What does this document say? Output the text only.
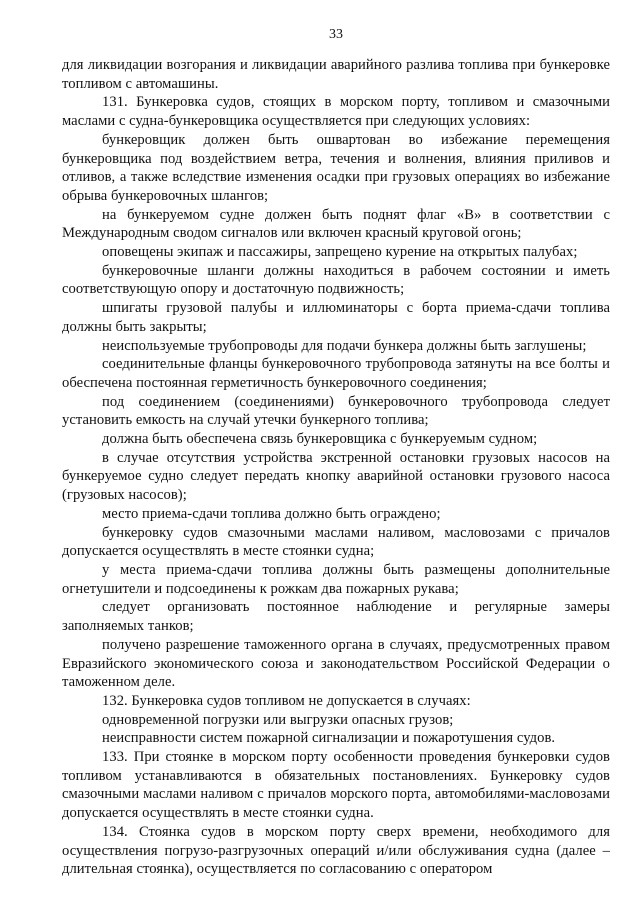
33

для ликвидации возгорания и ликвидации аварийного разлива топлива при бункеровке топливом с автомашины.

131. Бункеровка судов, стоящих в морском порту, топливом и смазочными маслами с судна-бункеровщика осуществляется при следующих условиях:

бункеровщик должен быть ошвартован во избежание перемещения бункеровщика под воздействием ветра, течения и волнения, влияния приливов и отливов, а также вследствие изменения осадки при грузовых операциях во избежание обрыва бункеровочных шлангов;

на бункеруемом судне должен быть поднят флаг «B» в соответствии с Международным сводом сигналов или включен красный круговой огонь;

оповещены экипаж и пассажиры, запрещено курение на открытых палубах;

бункеровочные шланги должны находиться в рабочем состоянии и иметь соответствующую опору и достаточную подвижность;

шпигаты грузовой палубы и иллюминаторы с борта приема-сдачи топлива должны быть закрыты;

неиспользуемые трубопроводы для подачи бункера должны быть заглушены;

соединительные фланцы бункеровочного трубопровода затянуты на все болты и обеспечена постоянная герметичность бункеровочного соединения;

под соединением (соединениями) бункеровочного трубопровода следует установить емкость на случай утечки бункерного топлива;

должна быть обеспечена связь бункеровщика с бункеруемым судном;

в случае отсутствия устройства экстренной остановки грузовых насосов на бункеруемое судно следует передать кнопку аварийной остановки грузового насоса (грузовых насосов);

место приема-сдачи топлива должно быть ограждено;

бункеровку судов смазочными маслами наливом, масловозами с причалов допускается осуществлять в месте стоянки судна;

у места приема-сдачи топлива должны быть размещены дополнительные огнетушители и подсоединены к рожкам два пожарных рукава;

следует организовать постоянное наблюдение и регулярные замеры заполняемых танков;

получено разрешение таможенного органа в случаях, предусмотренных правом Евразийского экономического союза и законодательством Российской Федерации о таможенном деле.

132. Бункеровка судов топливом не допускается в случаях:

одновременной погрузки или выгрузки опасных грузов;

неисправности систем пожарной сигнализации и пожаротушения судов.

133. При стоянке в морском порту особенности проведения бункеровки судов топливом устанавливаются в обязательных постановлениях. Бункеровку судов смазочными маслами наливом с причалов морского порта, автомобилями-масловозами допускается осуществлять в месте стоянки судна.

134. Стоянка судов в морском порту сверх времени, необходимого для осуществления погрузо-разгрузочных операций и/или обслуживания судна (далее – длительная стоянка), осуществляется по согласованию с оператором
